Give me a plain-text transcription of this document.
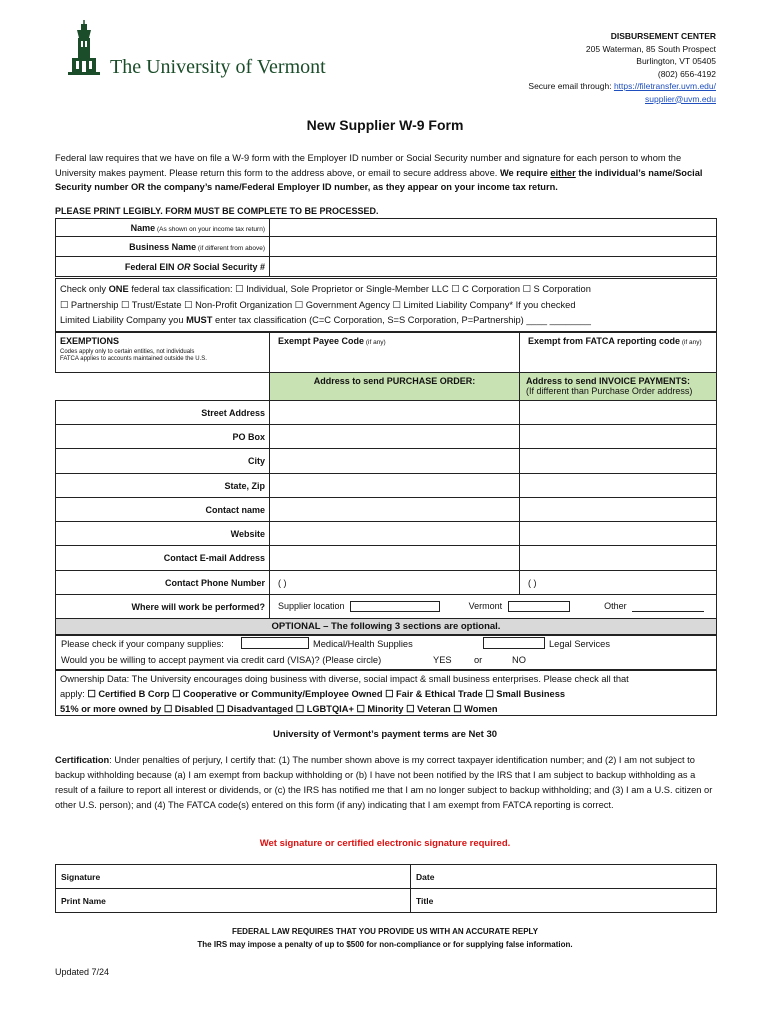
The University of Vermont
DISBURSEMENT CENTER
205 Waterman, 85 South Prospect
Burlington, VT 05405
(802) 656-4192
Secure email through: https://filetransfer.uvm.edu/
supplier@uvm.edu
New Supplier W-9 Form
Federal law requires that we have on file a W-9 form with the Employer ID number or Social Security number and signature for each person to whom the University makes payment. Please return this form to the address above, or email to secure address above. We require either the individual’s name/Social Security number OR the company’s name/Federal Employer ID number, as they appear on your income tax return.
PLEASE PRINT LEGIBLY. FORM MUST BE COMPLETE TO BE PROCESSED.
Name (As shown on your income tax return)	
Business Name (if different from above)	
Federal EIN OR Social Security #	
Check only ONE federal tax classification: ☐ Individual, Sole Proprietor or Single-Member LLC ☐ C Corporation ☐ S Corporation
☐ Partnership ☐ Trust/Estate ☐ Non-Profit Organization ☐ Government Agency ☐ Limited Liability Company* If you checked
Limited Liability Company you MUST enter tax classification (C=C Corporation, S=S Corporation, P=Partnership) ____ ________
EXEMPTIONS
Codes apply only to certain entities, not individuals
FATCA applies to accounts maintained outside the U.S.
	Exempt Payee Code (if any)	Exempt from FATCA reporting code (if any)
	Address to send PURCHASE ORDER:	Address to send INVOICE PAYMENTS:
(If different than Purchase Order address)

Street Address		
PO Box		
City		
State, Zip		
Contact name		
Website		
Contact E-mail Address		
Contact Phone Number	( )	( )
Where will work be performed?	Supplier location Vermont Other	
OPTIONAL – The following 3 sections are optional.
Please check if your company supplies:	Medical/Health Supplies	Legal Services
Would you be willing to accept payment via credit card (VISA)? (Please circle)	YES or	NO
Ownership Data: The University encourages doing business with diverse, social impact & small business enterprises. Please check all that
apply: ☐ Certified B Corp ☐ Cooperative or Community/Employee Owned ☐ Fair & Ethical Trade ☐ Small Business
51% or more owned by ☐ Disabled ☐ Disadvantaged ☐ LGBTQIA+ ☐ Minority ☐ Veteran ☐ Women
University of Vermont’s payment terms are Net 30
Certification: Under penalties of perjury, I certify that: (1) The number shown above is my correct taxpayer identification number; and (2) I am not subject to backup withholding because (a) I am exempt from backup withholding or (b) I have not been notified by the IRS that I am subject to backup withholding as a result of a failure to report all interest or dividends, or (c) the IRS has notified me that I am no longer subject to backup withholding; and (3) I am a U.S. citizen or other U.S. person); and (4) The FATCA code(s) entered on this form (if any) indicating that I am exempt from FATCA reporting is correct.
Wet signature or certified electronic signature required.
Signature	Date
Print Name	Title
FEDERAL LAW REQUIRES THAT YOU PROVIDE US WITH AN ACCURATE REPLY
The IRS may impose a penalty of up to $500 for non-compliance or for supplying false information.
Updated 7/24
